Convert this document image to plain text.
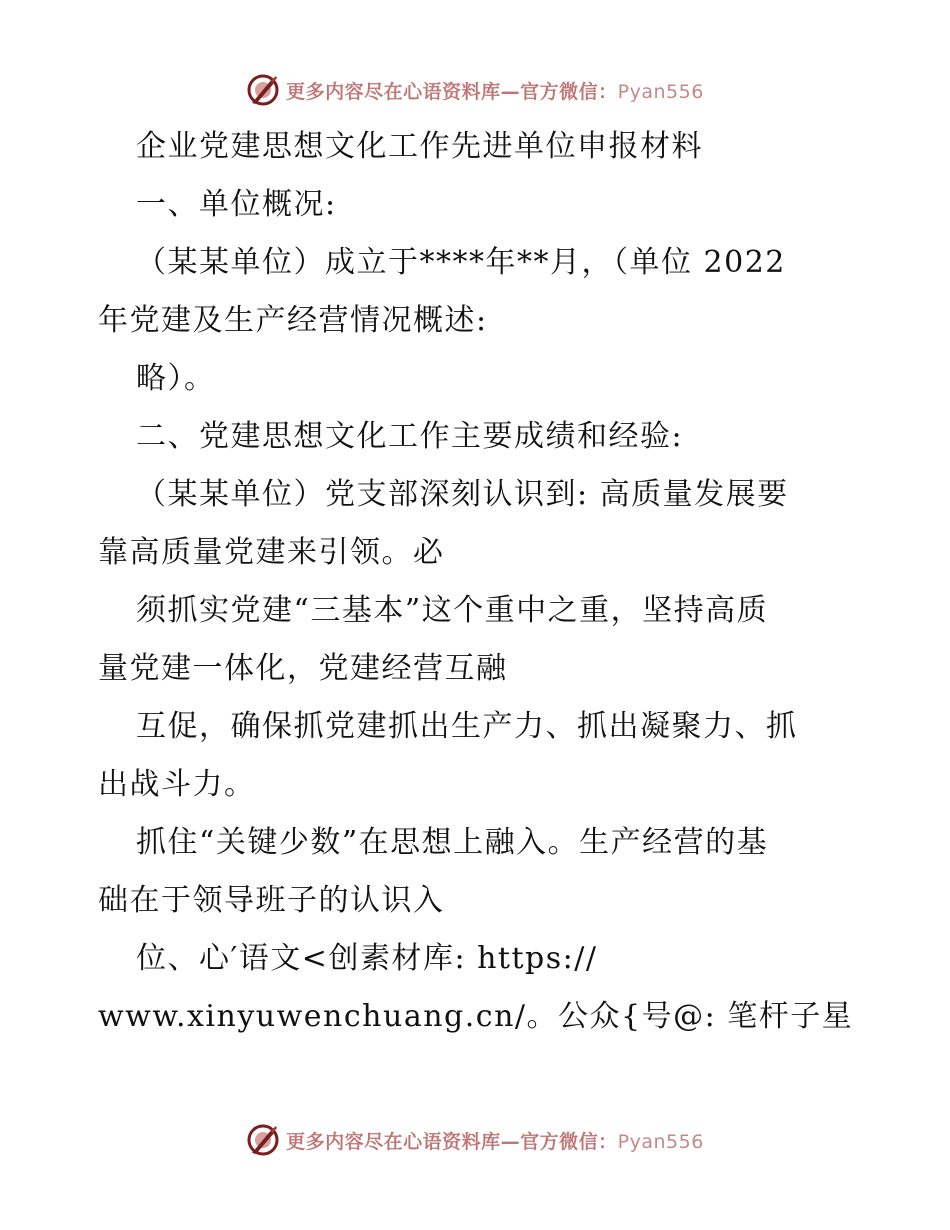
更多内容尽在心语资料库—官方微信：Pyan556

企业党建思想文化工作先进单位申报材料

一、单位概况:

（某某单位）成立于****年**月，（单位 2022

年党建及生产经营情况概述:

略）。

二、党建思想文化工作主要成绩和经验:

（某某单位）党支部深刻认识到: 高质量发展要

靠高质量党建来引领。必

须抓实党建“三基本”这个重中之重，坚持高质

量党建一体化，党建经营互融

互促，确保抓党建抓出生产力、抓出凝聚力、抓

出战斗力。

抓住“关键少数”在思想上融入。生产经营的基

础在于领导班子的认识入

位、心′语文<创素材库: https://

www.xinyuwenchuang.cn/。公众{号@: 笔杆子星

更多内容尽在心语资料库—官方微信：Pyan556
